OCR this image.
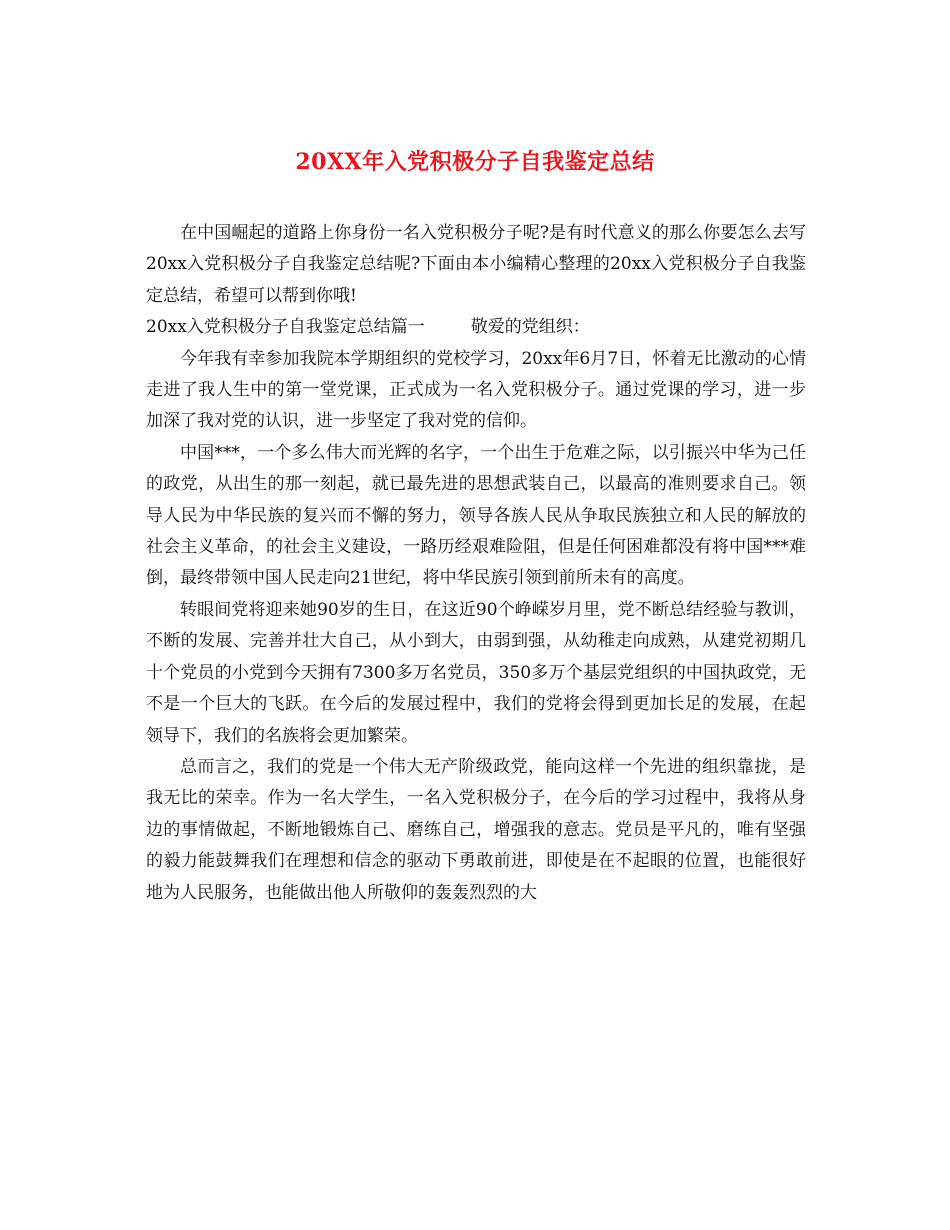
20XX年入党积极分子自我鉴定总结

在中国崛起的道路上你身份一名入党积极分子呢?是有时代意义的那么你要怎么去写20xx入党积极分子自我鉴定总结呢?下面由本小编精心整理的20xx入党积极分子自我鉴定总结，希望可以帮到你哦!

20xx入党积极分子自我鉴定总结篇一	敬爱的党组织：

今年我有幸参加我院本学期组织的党校学习，20xx年6月7日，怀着无比激动的心情走进了我人生中的第一堂党课，正式成为一名入党积极分子。通过党课的学习，进一步加深了我对党的认识，进一步坚定了我对党的信仰。

中国***，一个多么伟大而光辉的名字，一个出生于危难之际，以引振兴中华为己任的政党，从出生的那一刻起，就已最先进的思想武装自己，以最高的准则要求自己。领导人民为中华民族的复兴而不懈的努力，领导各族人民从争取民族独立和人民的解放的社会主义革命，的社会主义建设，一路历经艰难险阻，但是任何困难都没有将中国***难倒，最终带领中国人民走向21世纪，将中华民族引领到前所未有的高度。

转眼间党将迎来她90岁的生日，在这近90个峥嵘岁月里，党不断总结经验与教训，不断的发展、完善并壮大自己，从小到大，由弱到强，从幼稚走向成熟，从建党初期几十个党员的小党到今天拥有7300多万名党员，350多万个基层党组织的中国执政党，无不是一个巨大的飞跃。在今后的发展过程中，我们的党将会得到更加长足的发展，在起领导下，我们的名族将会更加繁荣。

总而言之，我们的党是一个伟大无产阶级政党，能向这样一个先进的组织靠拢，是我无比的荣幸。作为一名大学生，一名入党积极分子，在今后的学习过程中，我将从身边的事情做起，不断地锻炼自己、磨练自己，增强我的意志。党员是平凡的，唯有坚强的毅力能鼓舞我们在理想和信念的驱动下勇敢前进，即使是在不起眼的位置，也能很好地为人民服务，也能做出他人所敬仰的轰轰烈烈的大
